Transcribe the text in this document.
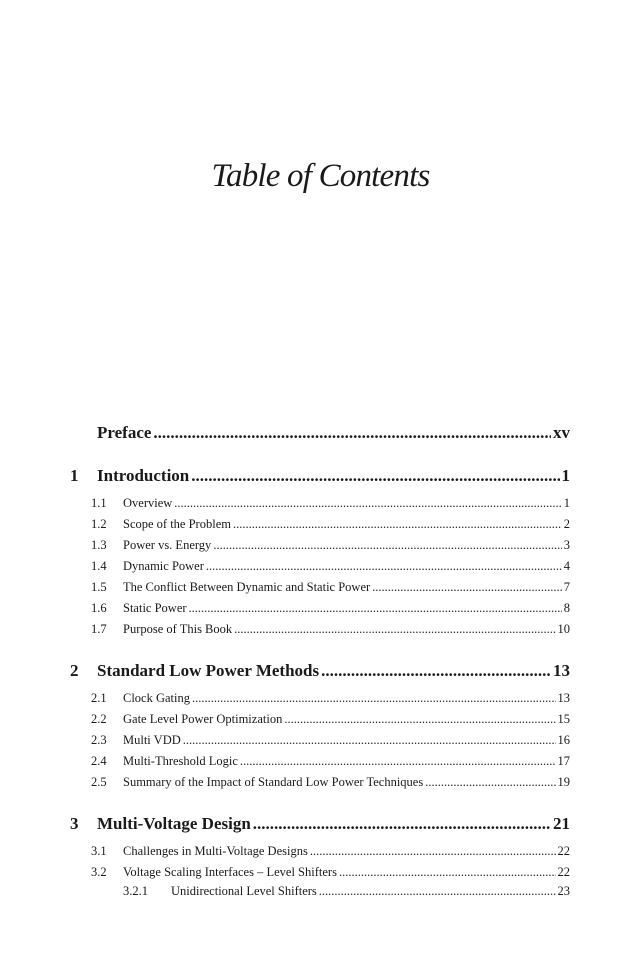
Table of Contents
Preface .....	xv
1 Introduction .....	1
1.1	Overview .....	1
1.2	Scope of the Problem .....	2
1.3	Power vs. Energy .....	3
1.4	Dynamic Power .....	4
1.5	The Conflict Between Dynamic and Static Power .....	7
1.6	Static Power .....	8
1.7	Purpose of This Book .....	10
2 Standard Low Power Methods .....	13
2.1	Clock Gating .....	13
2.2	Gate Level Power Optimization .....	15
2.3	Multi VDD .....	16
2.4	Multi-Threshold Logic .....	17
2.5	Summary of the Impact of Standard Low Power Techniques .....	19
3 Multi-Voltage Design .....	21
3.1	Challenges in Multi-Voltage Designs .....	22
3.2	Voltage Scaling Interfaces – Level Shifters .....	22
3.2.1	Unidirectional Level Shifters .....	23
